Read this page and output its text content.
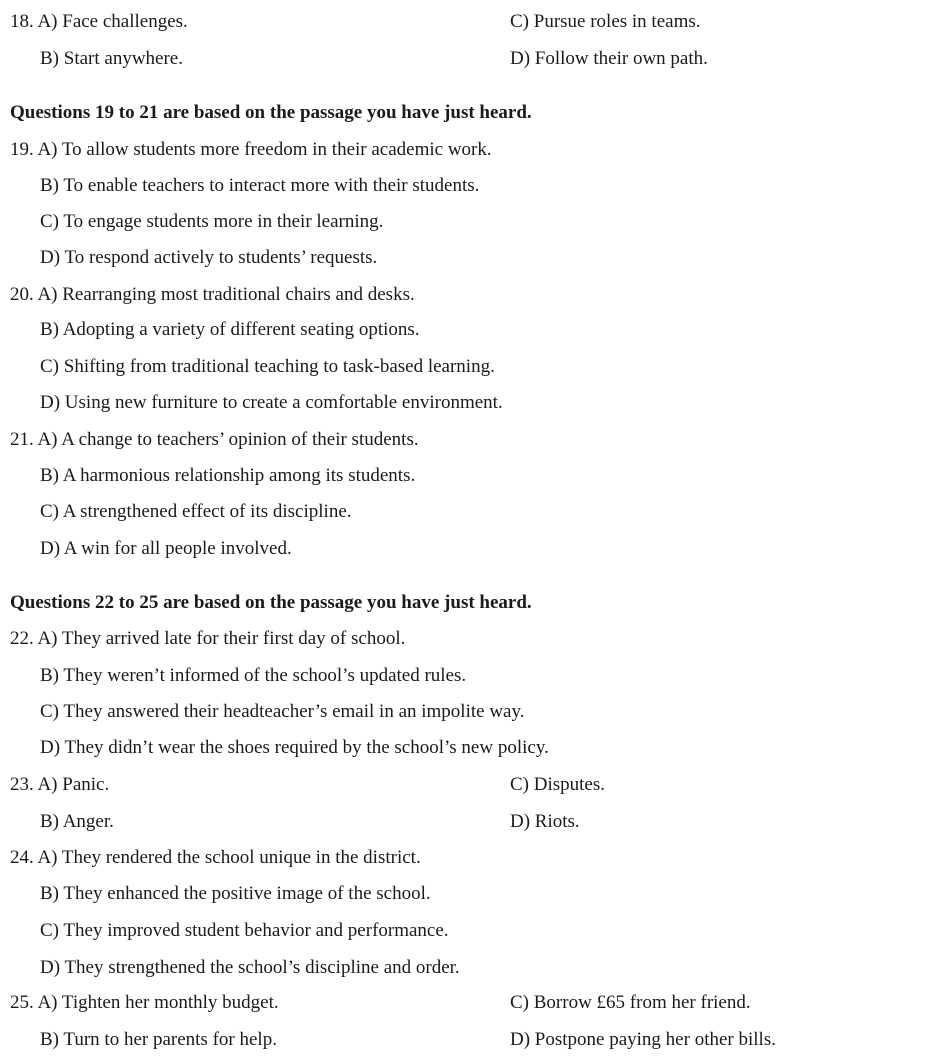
18. A) Face challenges.	C) Pursue roles in teams.
B) Start anywhere.	D) Follow their own path.
Questions 19 to 21 are based on the passage you have just heard.
19. A) To allow students more freedom in their academic work.
B) To enable teachers to interact more with their students.
C) To engage students more in their learning.
D) To respond actively to students’ requests.
20. A) Rearranging most traditional chairs and desks.
B) Adopting a variety of different seating options.
C) Shifting from traditional teaching to task-based learning.
D) Using new furniture to create a comfortable environment.
21. A) A change to teachers’ opinion of their students.
B) A harmonious relationship among its students.
C) A strengthened effect of its discipline.
D) A win for all people involved.
Questions 22 to 25 are based on the passage you have just heard.
22. A) They arrived late for their first day of school.
B) They weren’t informed of the school’s updated rules.
C) They answered their headteacher’s email in an impolite way.
D) They didn’t wear the shoes required by the school’s new policy.
23. A) Panic.	C) Disputes.
B) Anger.	D) Riots.
24. A) They rendered the school unique in the district.
B) They enhanced the positive image of the school.
C) They improved student behavior and performance.
D) They strengthened the school’s discipline and order.
25. A) Tighten her monthly budget.	C) Borrow £65 from her friend.
B) Turn to her parents for help.	D) Postpone paying her other bills.
